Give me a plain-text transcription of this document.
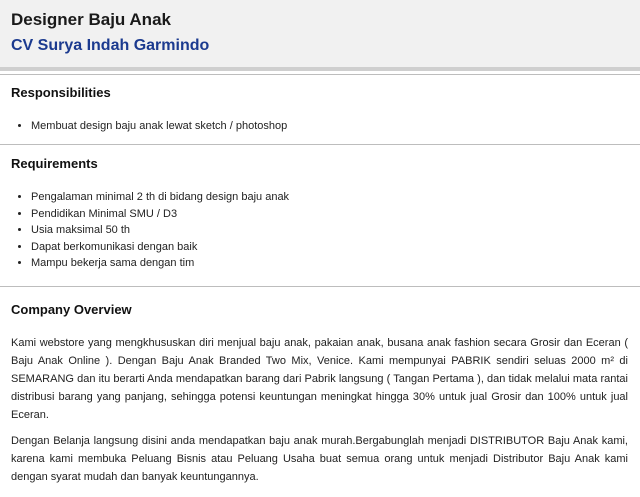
Designer Baju Anak
CV Surya Indah Garmindo
Responsibilities
• Membuat design baju anak lewat sketch / photoshop
Requirements
• Pengalaman minimal 2 th di bidang design baju anak
• Pendidikan Minimal SMU / D3
• Usia maksimal 50 th
• Dapat berkomunikasi dengan baik
• Mampu bekerja sama dengan tim
Company Overview

Kami webstore yang mengkhususkan diri menjual baju anak, pakaian anak, busana anak fashion secara Grosir dan Eceran ( Baju Anak Online ). Dengan Baju Anak Branded Two Mix, Venice. Kami mempunyai PABRIK sendiri seluas 2000 m² di SEMARANG dan itu berarti Anda mendapatkan barang dari Pabrik langsung ( Tangan Pertama ), dan tidak melalui mata rantai distribusi barang yang panjang, sehingga potensi keuntungan meningkat hingga 30% untuk jual Grosir dan 100% untuk jual Eceran.

Dengan Belanja langsung disini anda mendapatkan baju anak murah.Bergabunglah menjadi DISTRIBUTOR Baju Anak kami, karena kami membuka Peluang Bisnis atau Peluang Usaha buat semua orang untuk menjadi Distributor Baju Anak kami dengan syarat mudah dan banyak keuntungannya.
